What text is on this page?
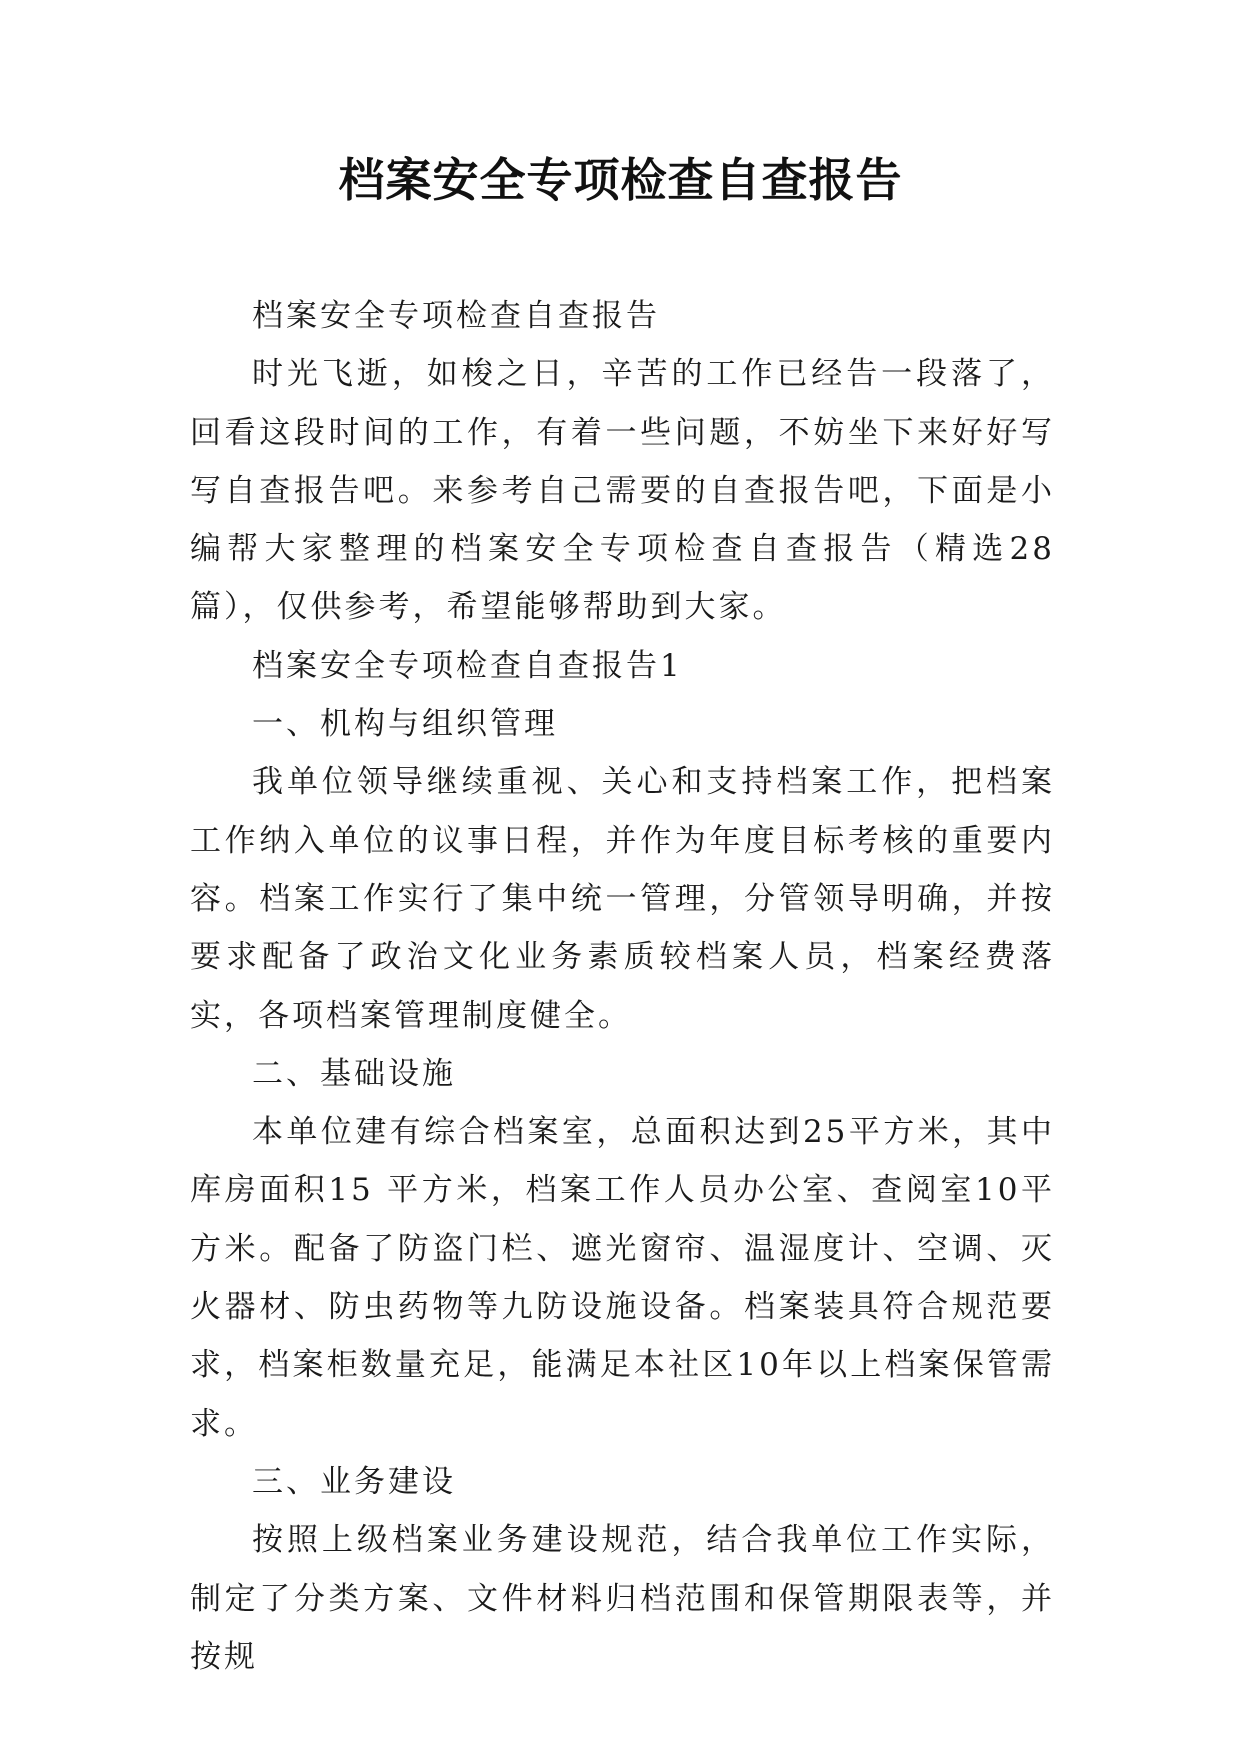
档案安全专项检查自查报告

档案安全专项检查自查报告

时光飞逝，如梭之日，辛苦的工作已经告一段落了，回看这段时间的工作，有着一些问题，不妨坐下来好好写写自查报告吧。来参考自己需要的自查报告吧，下面是小编帮大家整理的档案安全专项检查自查报告（精选28篇），仅供参考，希望能够帮助到大家。

档案安全专项检查自查报告1

一、机构与组织管理

我单位领导继续重视、关心和支持档案工作，把档案工作纳入单位的议事日程，并作为年度目标考核的重要内容。档案工作实行了集中统一管理，分管领导明确，并按要求配备了政治文化业务素质较档案人员，档案经费落实，各项档案管理制度健全。

二、基础设施

本单位建有综合档案室，总面积达到25平方米，其中库房面积15 平方米，档案工作人员办公室、查阅室10平方米。配备了防盗门栏、遮光窗帘、温湿度计、空调、灭火器材、防虫药物等九防设施设备。档案装具符合规范要求，档案柜数量充足，能满足本社区10年以上档案保管需求。

三、业务建设

按照上级档案业务建设规范，结合我单位工作实际，制定了分类方案、文件材料归档范围和保管期限表等，并按规
